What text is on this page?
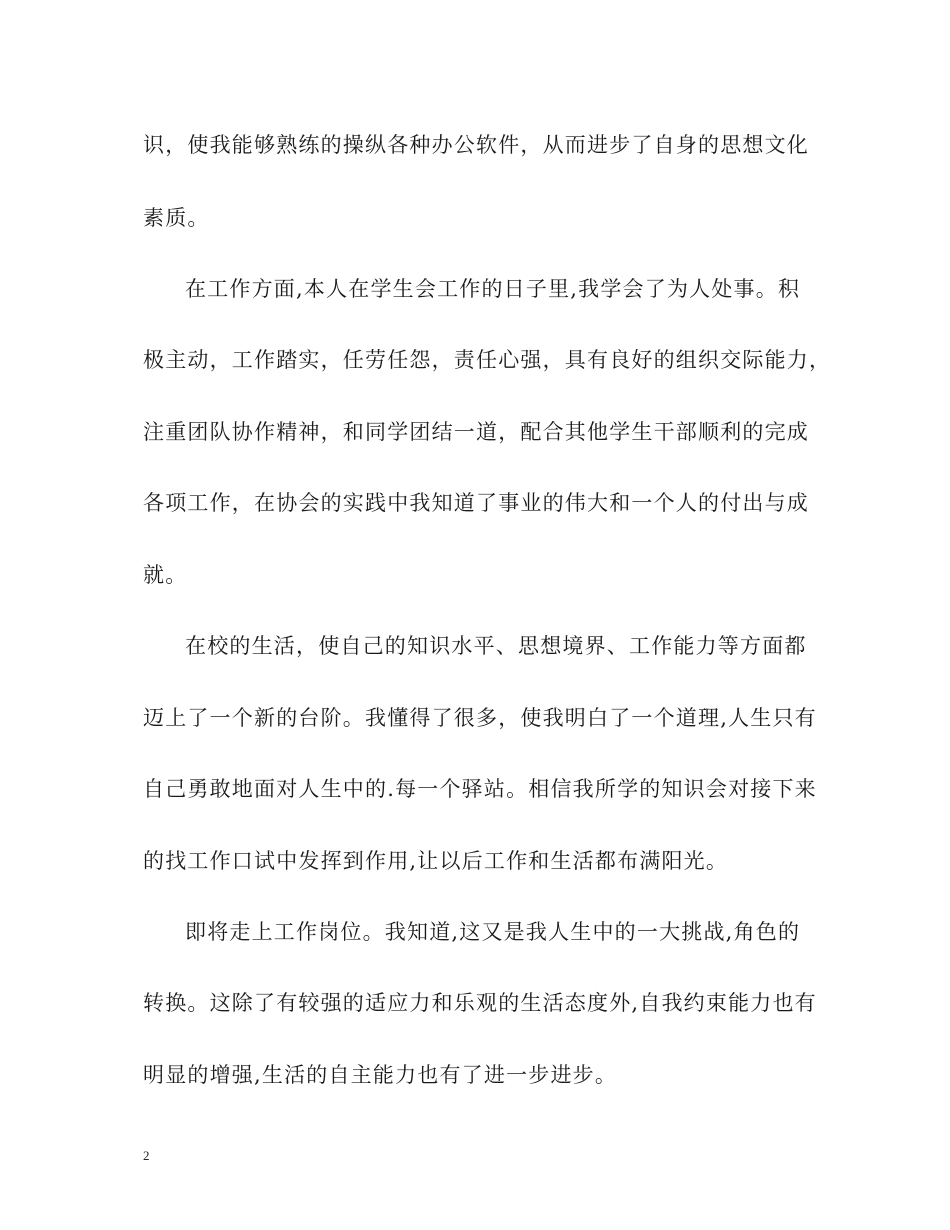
识，使我能够熟练的操纵各种办公软件，从而进步了自身的思想文化
素质。
在工作方面,本人在学生会工作的日子里,我学会了为人处事。积
极主动，工作踏实，任劳任怨，责任心强，具有良好的组织交际能力，
注重团队协作精神，和同学团结一道，配合其他学生干部顺利的完成
各项工作，在协会的实践中我知道了事业的伟大和一个人的付出与成
就。
在校的生活，使自己的知识水平、思想境界、工作能力等方面都
迈上了一个新的台阶。我懂得了很多，使我明白了一个道理,人生只有
自己勇敢地面对人生中的.每一个驿站。相信我所学的知识会对接下来
的找工作口试中发挥到作用,让以后工作和生活都布满阳光。
即将走上工作岗位。我知道,这又是我人生中的一大挑战,角色的
转换。这除了有较强的适应力和乐观的生活态度外,自我约束能力也有
明显的增强,生活的自主能力也有了进一步进步。
2
